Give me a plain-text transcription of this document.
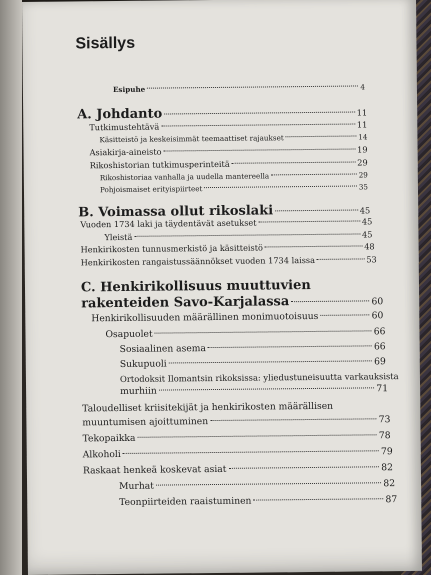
Sisällys
Esipuhe	4
A. Johdanto	11
Tutkimustehtävä	11
Käsitteistö ja keskeisimmät teemaattiset rajaukset	14
Asiakirja-aineisto	19
Rikoshistorian tutkimusperinteitä	29
Rikoshistoriaa vanhalla ja uudella mantereella	29
Pohjoismaiset erityispiirteet	35
B. Voimassa ollut rikoslaki	45
Vuoden 1734 laki ja täydentävät asetukset	45
Yleistä	45
Henkirikosten tunnusmerkistö ja käsitteistö	48
Henkirikosten rangaistussäännökset vuoden 1734 laissa	53
C. Henkirikollisuus muuttuvien
rakenteiden Savo-Karjalassa	60
Henkirikollisuuden määrällinen monimuotoisuus	60
Osapuolet	66
Sosiaalinen asema	66
Sukupuoli	69
Ortodoksit Ilomantsin rikoksissa: yliedustuneisuutta varkauksista
murhiin	71
Taloudelliset kriisitekijät ja henkirikosten määrällisen
muuntumisen ajoittuminen	73
Tekopaikka	78
Alkoholi	79
Raskaat henkeä koskevat asiat	82
Murhat	82
Teonpiirteiden raaistuminen	87
